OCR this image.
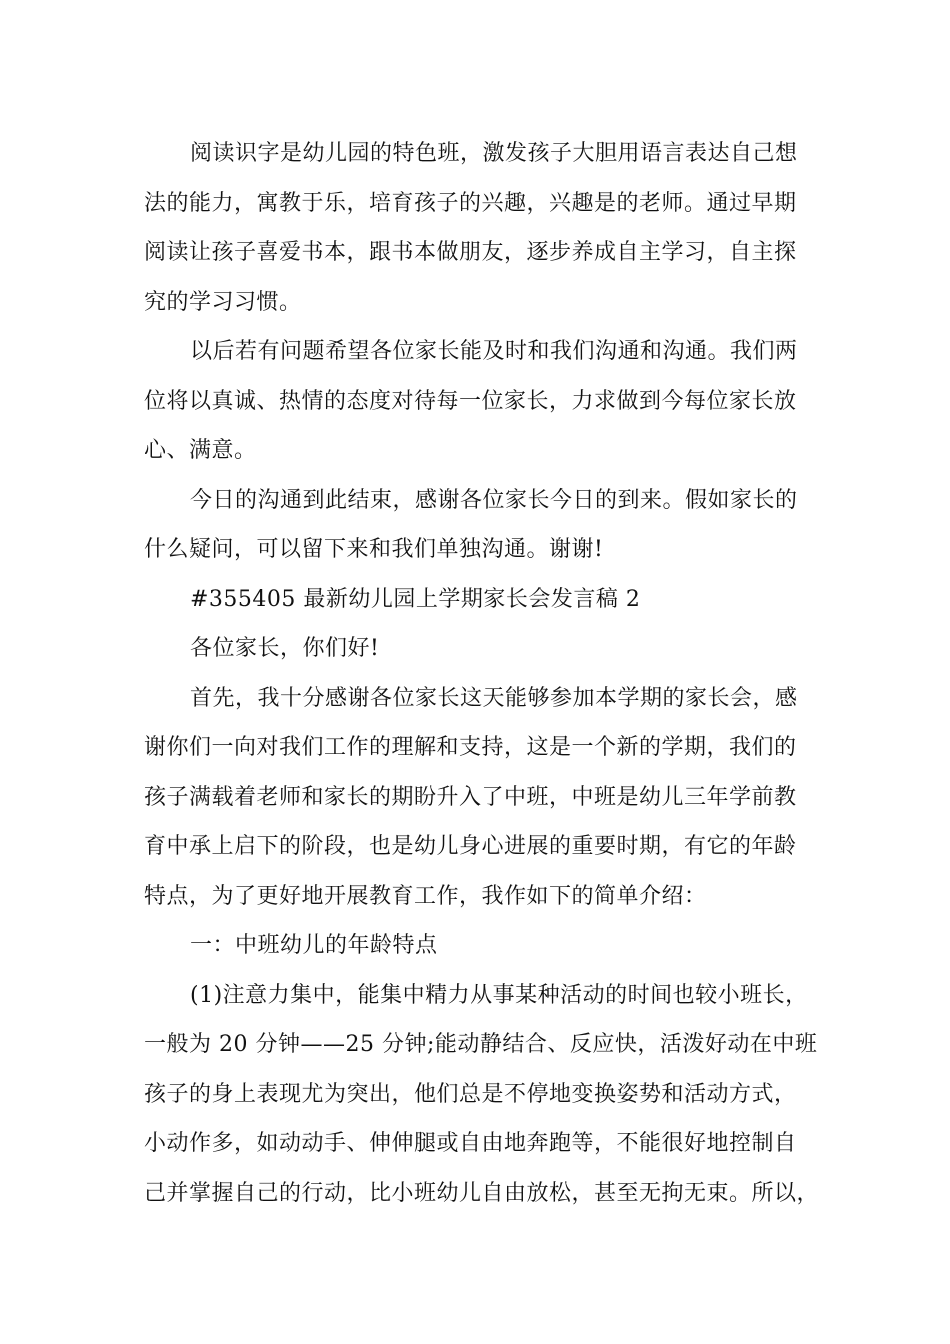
阅读识字是幼儿园的特色班，激发孩子大胆用语言表达自己想
法的能力，寓教于乐，培育孩子的兴趣，兴趣是的老师。通过早期
阅读让孩子喜爱书本，跟书本做朋友，逐步养成自主学习，自主探
究的学习习惯。
以后若有问题希望各位家长能及时和我们沟通和沟通。我们两
位将以真诚、热情的态度对待每一位家长，力求做到今每位家长放
心、满意。
今日的沟通到此结束，感谢各位家长今日的到来。假如家长的
什么疑问，可以留下来和我们单独沟通。谢谢!
#355405 最新幼儿园上学期家长会发言稿 2
各位家长，你们好!
首先，我十分感谢各位家长这天能够参加本学期的家长会，感
谢你们一向对我们工作的理解和支持，这是一个新的学期，我们的
孩子满载着老师和家长的期盼升入了中班，中班是幼儿三年学前教
育中承上启下的阶段，也是幼儿身心进展的重要时期，有它的年龄
特点，为了更好地开展教育工作，我作如下的简单介绍：
一：中班幼儿的年龄特点
(1)注意力集中，能集中精力从事某种活动的时间也较小班长，
一般为 20 分钟——25 分钟;能动静结合、反应快，活泼好动在中班
孩子的身上表现尤为突出，他们总是不停地变换姿势和活动方式，
小动作多，如动动手、伸伸腿或自由地奔跑等，不能很好地控制自
己并掌握自己的行动，比小班幼儿自由放松，甚至无拘无束。所以，
